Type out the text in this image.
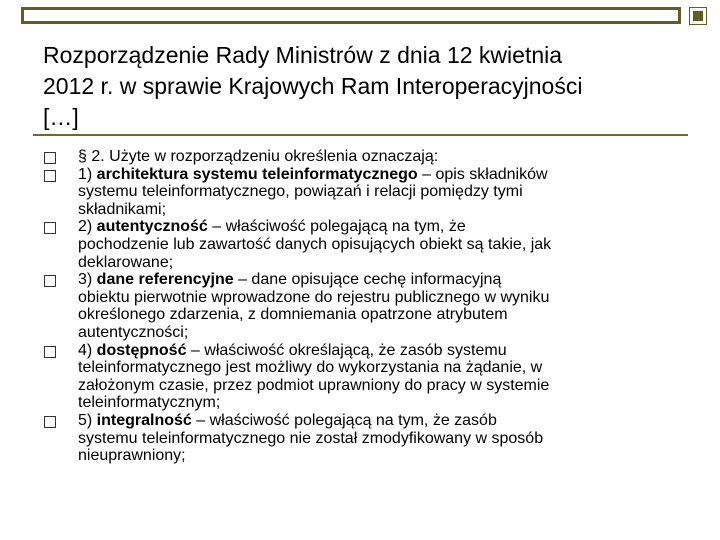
Rozporządzenie Rady Ministrów z dnia 12 kwietnia
2012 r. w sprawie Krajowych Ram Interoperacyjności
[…]
§ 2. Użyte w rozporządzeniu określenia oznaczają:
1) architektura systemu teleinformatycznego – opis składników
systemu teleinformatycznego, powiązań i relacji pomiędzy tymi
składnikami;
2) autentyczność – właściwość polegającą na tym, że
pochodzenie lub zawartość danych opisujących obiekt są takie, jak
deklarowane;
3) dane referencyjne – dane opisujące cechę informacyjną
obiektu pierwotnie wprowadzone do rejestru publicznego w wyniku
określonego zdarzenia, z domniemania opatrzone atrybutem
autentyczności;
4) dostępność – właściwość określającą, że zasób systemu
teleinformatycznego jest możliwy do wykorzystania na żądanie, w
założonym czasie, przez podmiot uprawniony do pracy w systemie
teleinformatycznym;
5) integralność – właściwość polegającą na tym, że zasób
systemu teleinformatycznego nie został zmodyfikowany w sposób
nieuprawniony;
